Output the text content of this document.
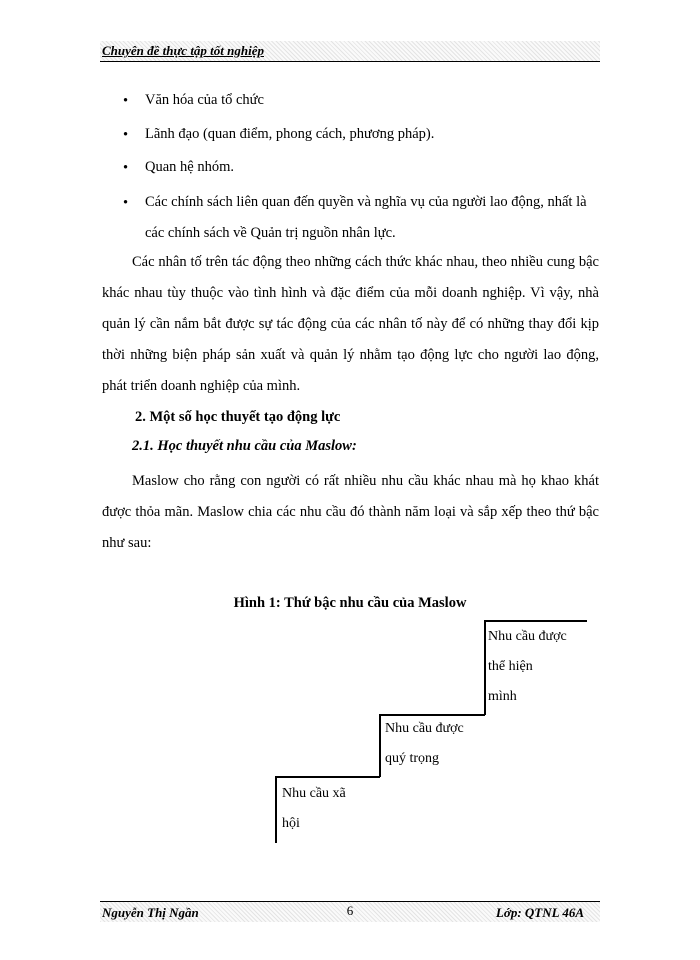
Chuyên đề thực tập tốt nghiệp
• Văn hóa của tổ chức
• Lãnh đạo (quan điểm, phong cách, phương pháp).
• Quan hệ nhóm.
• Các chính sách liên quan đến quyền và nghĩa vụ của người lao động, nhất là các chính sách về Quản trị nguồn nhân lực.
Các nhân tố trên tác động theo những cách thức khác nhau, theo nhiều cung bậc khác nhau tùy thuộc vào tình hình và đặc điểm của mỗi doanh nghiệp. Vì vậy, nhà quản lý cần nắm bắt được sự tác động của các nhân tố này để có những thay đổi kịp thời những biện pháp sản xuất và quản lý nhằm tạo động lực cho người lao động, phát triển doanh nghiệp của mình.
2. Một số học thuyết tạo động lực
2.1. Học thuyết nhu cầu của Maslow:
Maslow cho rằng con người có rất nhiều nhu cầu khác nhau mà họ khao khát được thỏa mãn. Maslow chia các nhu cầu đó thành năm loại và sắp xếp theo thứ bậc như sau:
Hình 1: Thứ bậc nhu cầu của Maslow
Nhu cầu được
thể hiện
mình
Nhu cầu được
quý trọng
Nhu cầu xã
hội
Nguyễn Thị Ngần	6	Lớp: QTNL 46A
